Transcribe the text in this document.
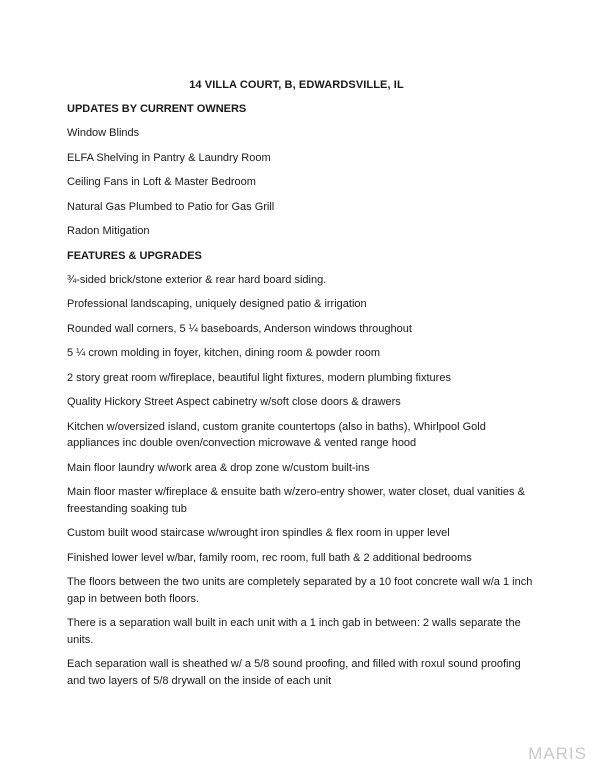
14 VILLA COURT, B, EDWARDSVILLE, IL
UPDATES BY CURRENT OWNERS
Window Blinds
ELFA Shelving in Pantry & Laundry Room
Ceiling Fans in Loft & Master Bedroom
Natural Gas Plumbed to Patio for Gas Grill
Radon Mitigation
FEATURES & UPGRADES
¾-sided brick/stone exterior & rear hard board siding.
Professional landscaping, uniquely designed patio & irrigation
Rounded wall corners, 5 ¼ baseboards, Anderson windows throughout
5 ¼ crown molding in foyer, kitchen, dining room & powder room
2 story great room w/fireplace, beautiful light fixtures, modern plumbing fixtures
Quality Hickory Street Aspect cabinetry w/soft close doors & drawers
Kitchen w/oversized island, custom granite countertops (also in baths), Whirlpool Gold appliances inc double oven/convection microwave & vented range hood
Main floor laundry w/work area & drop zone w/custom built-ins
Main floor master w/fireplace & ensuite bath w/zero-entry shower, water closet, dual vanities & freestanding soaking tub
Custom built wood staircase w/wrought iron spindles & flex room in upper level
Finished lower level w/bar, family room, rec room, full bath & 2 additional bedrooms
The floors between the two units are completely separated by a 10 foot concrete wall w/a 1 inch gap in between both floors.
There is a separation wall built in each unit with a 1 inch gab in between: 2 walls separate the units.
Each separation wall is sheathed w/ a 5/8 sound proofing, and filled with roxul sound proofing and two layers of 5/8 drywall on the inside of each unit
MARIS
